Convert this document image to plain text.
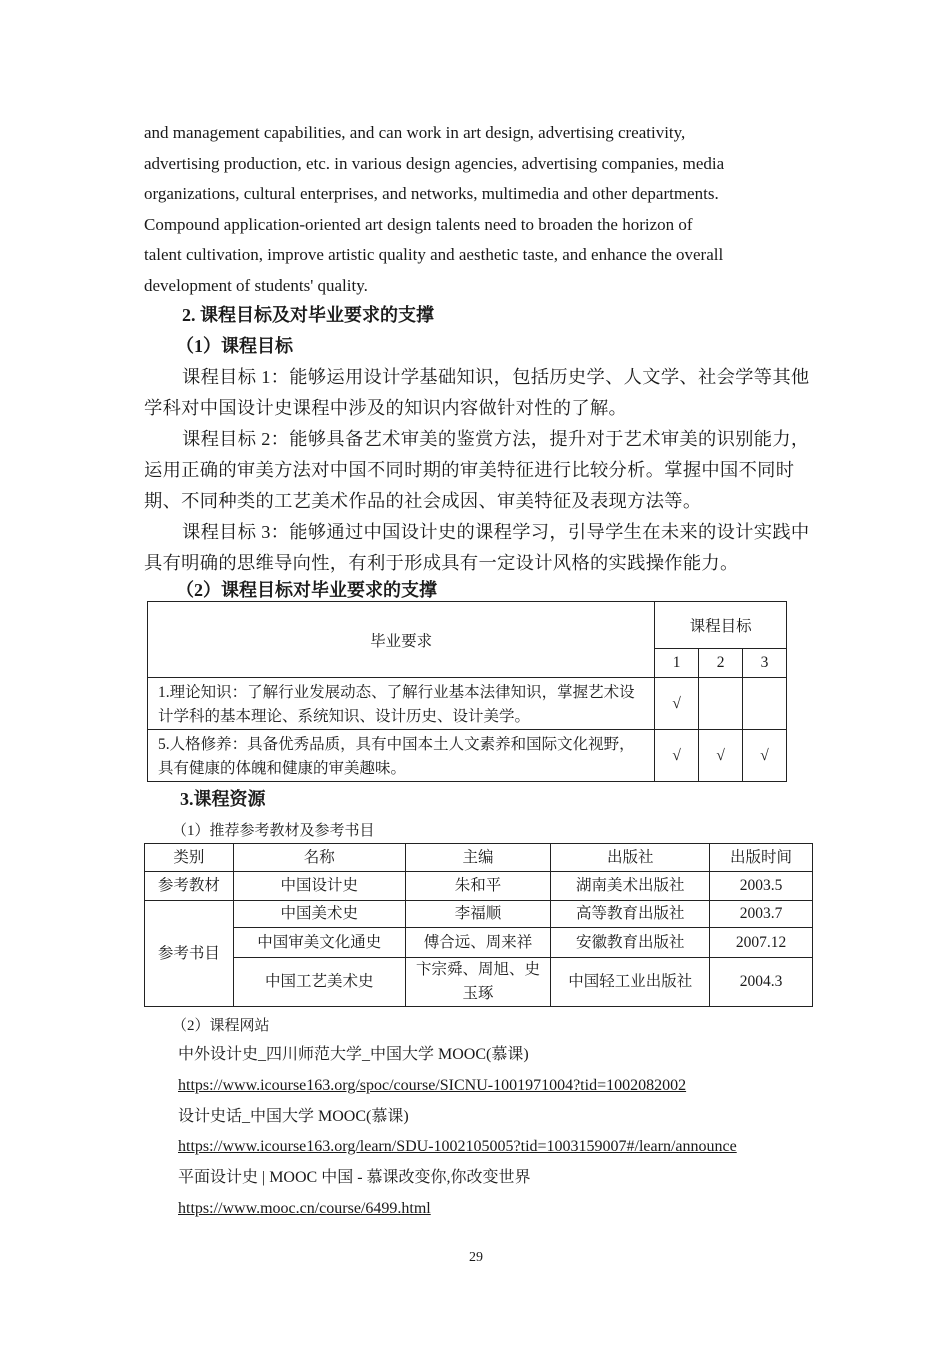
and management capabilities, and can work in art design, advertising creativity,

advertising production, etc. in various design agencies, advertising companies, media

organizations, cultural enterprises, and networks, multimedia and other departments.

Compound application-oriented art design talents need to broaden the horizon of

talent cultivation, improve artistic quality and aesthetic taste, and enhance the overall

development of students' quality.

2. 课程目标及对毕业要求的支撑
（1）课程目标

课程目标 1：能够运用设计学基础知识，包括历史学、人文学、社会学等其他学科对中国设计史课程中涉及的知识内容做针对性的了解。

课程目标 2：能够具备艺术审美的鉴赏方法，提升对于艺术审美的识别能力，运用正确的审美方法对中国不同时期的审美特征进行比较分析。掌握中国不同时期、不同种类的工艺美术作品的社会成因、审美特征及表现方法等。

课程目标 3：能够通过中国设计史的课程学习，引导学生在未来的设计实践中具有明确的思维导向性，有利于形成具有一定设计风格的实践操作能力。

（2）课程目标对毕业要求的支撑
毕业要求	课程目标		
	1	2	3
1.理论知识：了解行业发展动态、了解行业基本法律知识，掌握艺术设计学科的基本理论、系统知识、设计历史、设计美学。	√		
5.人格修养：具备优秀品质，具有中国本土人文素养和国际文化视野，具有健康的体魄和健康的审美趣味。	√	√	√
3.课程资源
（1）推荐参考教材及参考书目
类别	名称	主编	出版社	出版时间
参考教材	中国设计史	朱和平	湖南美术出版社	2003.5
参考书目	中国美术史	李福顺	高等教育出版社	2003.7
	中国审美文化通史	傅合远、周来祥	安徽教育出版社	2007.12
	中国工艺美术史	卞宗舜、周旭、史玉琢	中国轻工业出版社	2004.3
（2）课程网站
中外设计史_四川师范大学_中国大学 MOOC(慕课)
https://www.icourse163.org/spoc/course/SICNU-1001971004?tid=1002082002
设计史话_中国大学 MOOC(慕课)
https://www.icourse163.org/learn/SDU-1002105005?tid=1003159007#/learn/announce
平面设计史 | MOOC 中国 - 慕课改变你,你改变世界
https://www.mooc.cn/course/6499.html
29
